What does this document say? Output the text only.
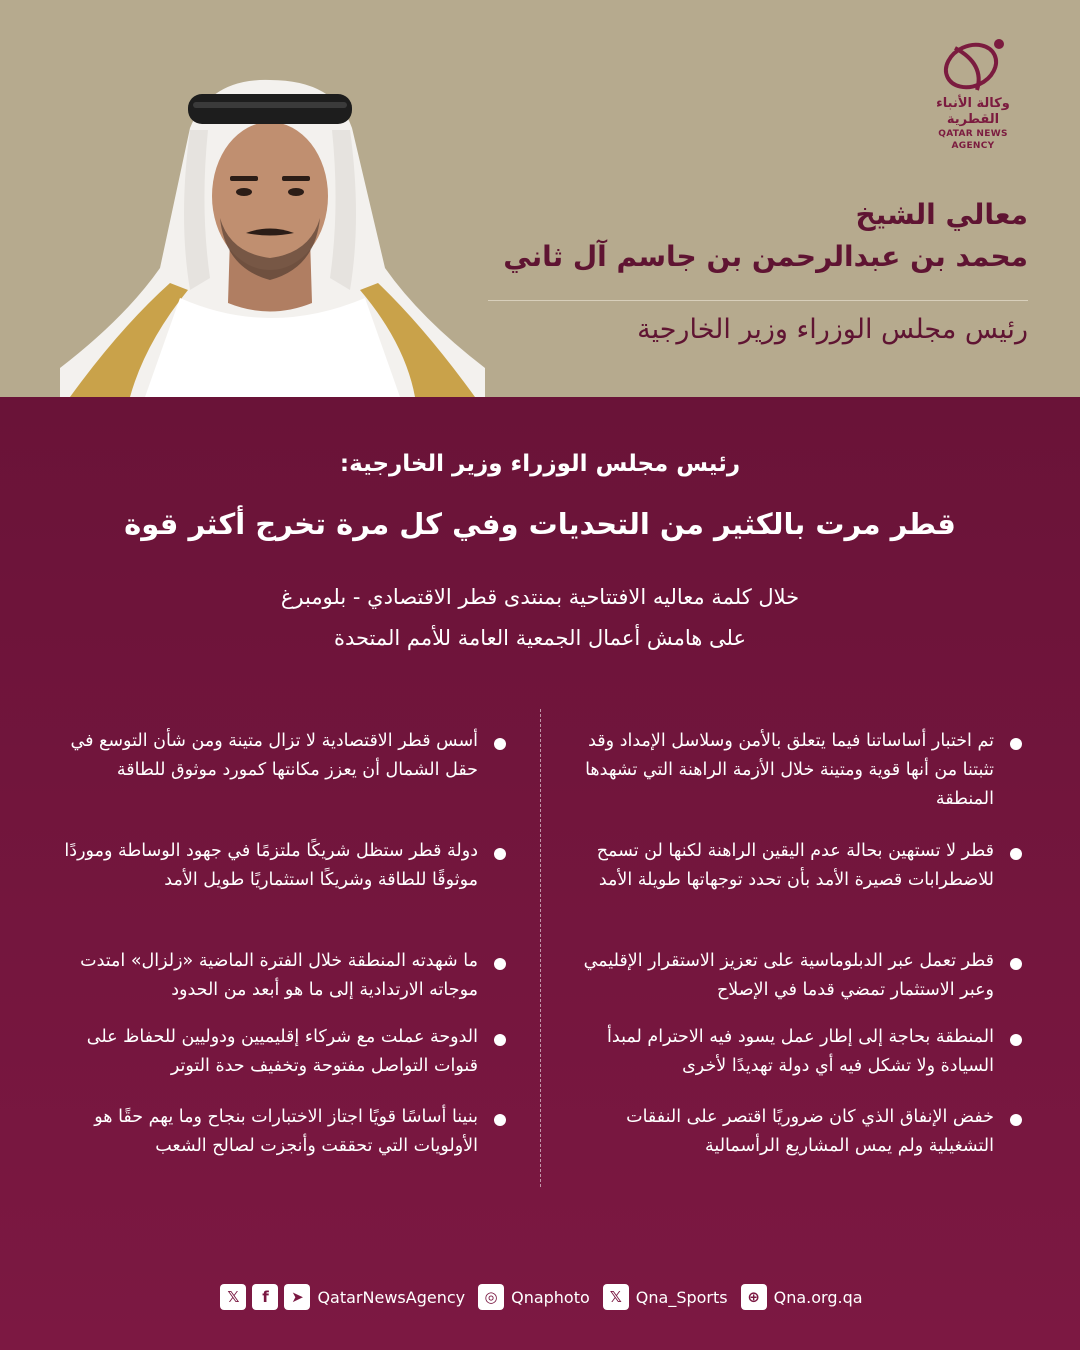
وكالة الأنباء القطرية
QATAR NEWS AGENCY
معالي الشيخ
محمد بن عبدالرحمن بن جاسم آل ثاني
رئيس مجلس الوزراء وزير الخارجية
رئيس مجلس الوزراء وزير الخارجية:
قطر مرت بالكثير من التحديات وفي كل مرة تخرج أكثر قوة
خلال كلمة معاليه الافتتاحية بمنتدى قطر الاقتصادي - بلومبرغ
على هامش أعمال الجمعية العامة للأمم المتحدة
تم اختبار أساساتنا فيما يتعلق بالأمن وسلاسل الإمداد وقد تثبتنا من أنها قوية ومتينة خلال الأزمة الراهنة التي تشهدها المنطقة
قطر لا تستهين بحالة عدم اليقين الراهنة لكنها لن تسمح للاضطرابات قصيرة الأمد بأن تحدد توجهاتها طويلة الأمد
قطر تعمل عبر الدبلوماسية على تعزيز الاستقرار الإقليمي وعبر الاستثمار تمضي قدما في الإصلاح
المنطقة بحاجة إلى إطار عمل يسود فيه الاحترام لمبدأ السيادة ولا تشكل فيه أي دولة تهديدًا لأخرى
خفض الإنفاق الذي كان ضروريًا اقتصر على النفقات التشغيلية ولم يمس المشاريع الرأسمالية
أسس قطر الاقتصادية لا تزال متينة ومن شأن التوسع في حقل الشمال أن يعزز مكانتها كمورد موثوق للطاقة
دولة قطر ستظل شريكًا ملتزمًا في جهود الوساطة وموردًا موثوقًا للطاقة وشريكًا استثماريًا طويل الأمد
ما شهدته المنطقة خلال الفترة الماضية «زلزال» امتدت موجاته الارتدادية إلى ما هو أبعد من الحدود
الدوحة عملت مع شركاء إقليميين ودوليين للحفاظ على قنوات التواصل مفتوحة وتخفيف حدة التوتر
بنينا أساسًا قويًا اجتاز الاختبارات بنجاح وما يهم حقًا هو الأولويات التي تحققت وأنجزت لصالح الشعب
𝕏	f	➤ QatarNewsAgency	◎ Qnaphoto	𝕏 Qna_Sports	⊕ Qna.org.qa
